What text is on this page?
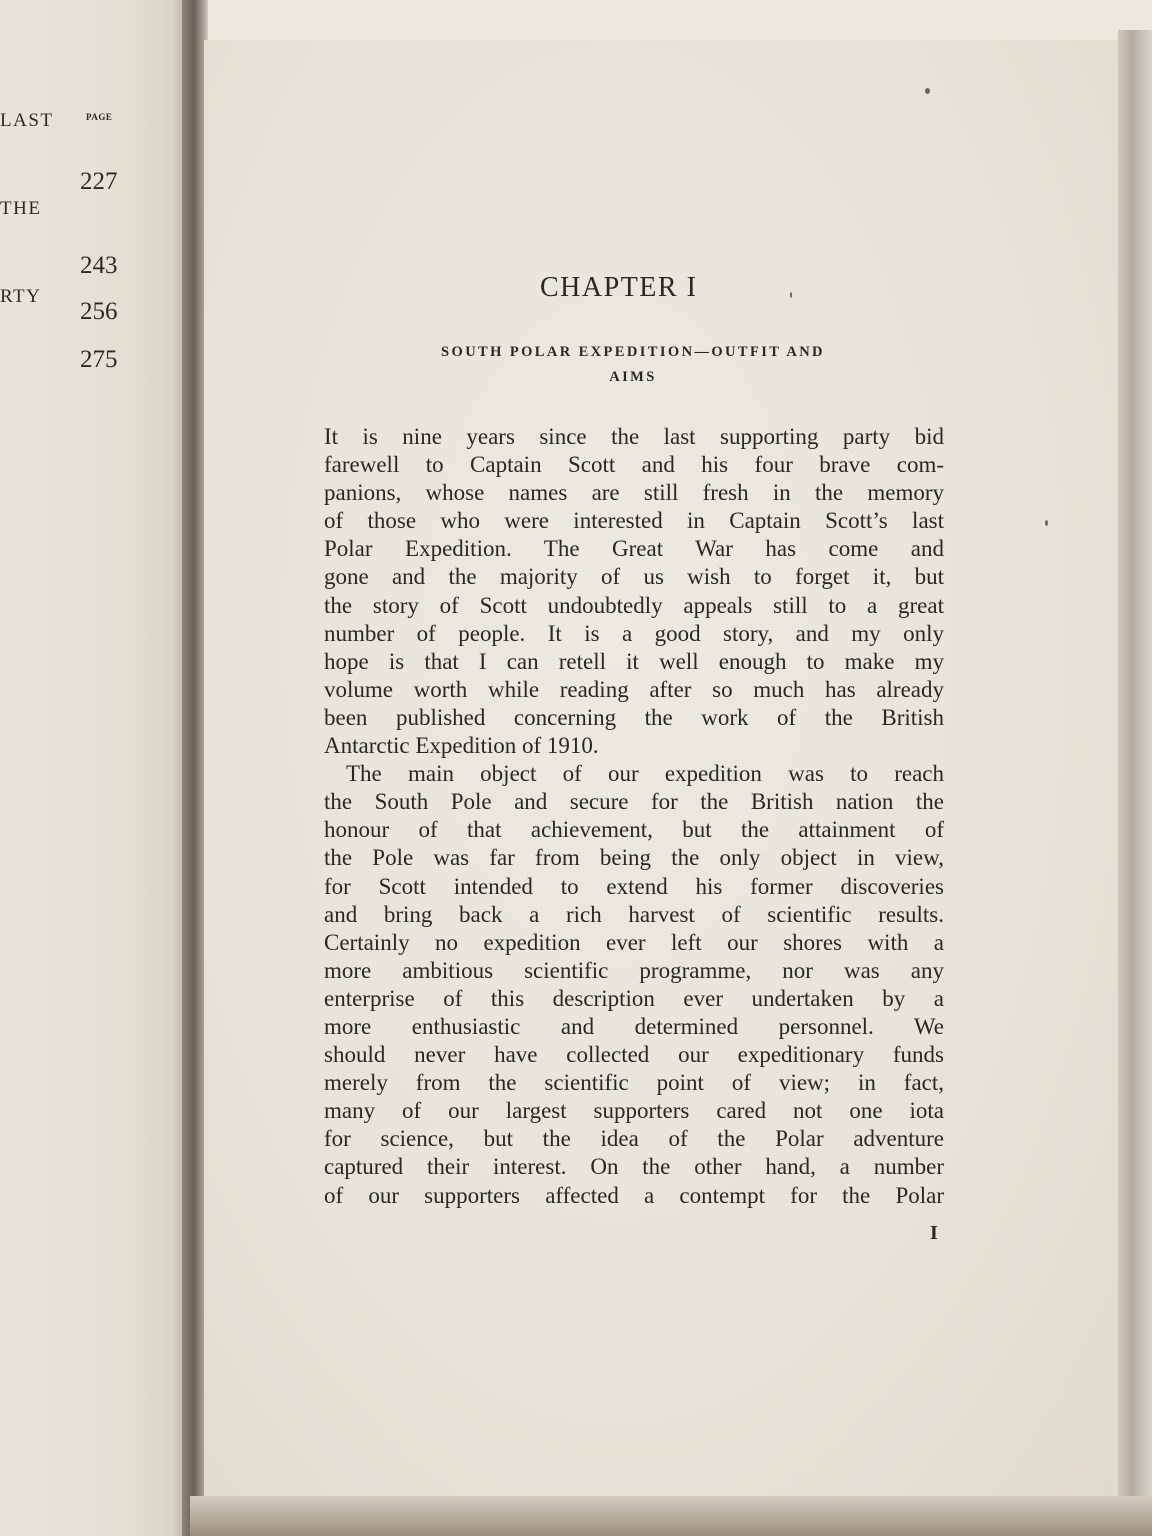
LAST	PAGE
227
THE
243
RTY
256
275
CHAPTER I
SOUTH POLAR EXPEDITION—OUTFIT AND
AIMS
It is nine years since the last supporting party bid
farewell to Captain Scott and his four brave com-
panions, whose names are still fresh in the memory
of those who were interested in Captain Scott’s last
Polar Expedition. The Great War has come and
gone and the majority of us wish to forget it, but
the story of Scott undoubtedly appeals still to a great
number of people. It is a good story, and my only
hope is that I can retell it well enough to make my
volume worth while reading after so much has already
been published concerning the work of the British
Antarctic Expedition of 1910.
The main object of our expedition was to reach
the South Pole and secure for the British nation the
honour of that achievement, but the attainment of
the Pole was far from being the only object in view,
for Scott intended to extend his former discoveries
and bring back a rich harvest of scientific results.
Certainly no expedition ever left our shores with a
more ambitious scientific programme, nor was any
enterprise of this description ever undertaken by a
more enthusiastic and determined personnel. We
should never have collected our expeditionary funds
merely from the scientific point of view; in fact,
many of our largest supporters cared not one iota
for science, but the idea of the Polar adventure
captured their interest. On the other hand, a number
of our supporters affected a contempt for the Polar
I
